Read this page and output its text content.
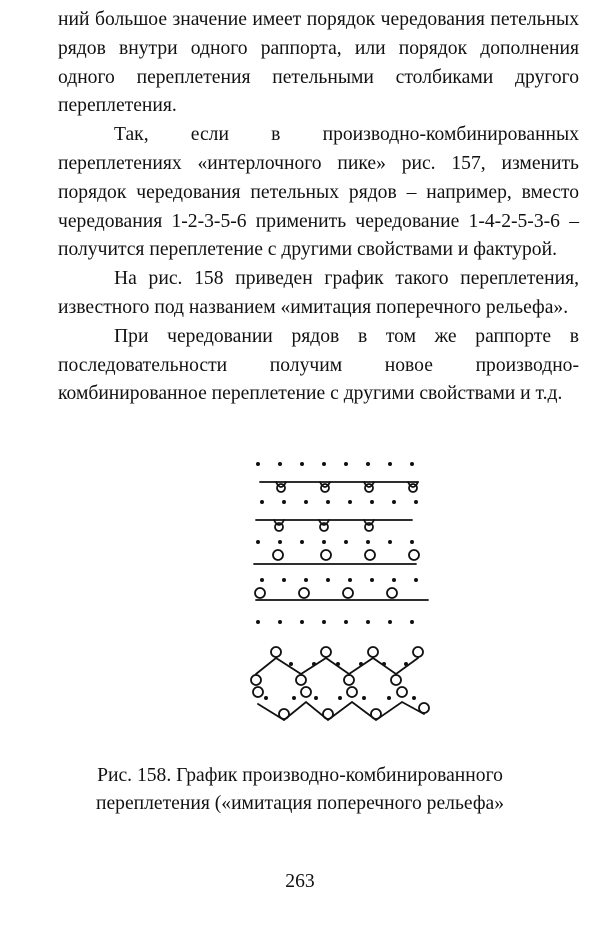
ний большое значение имеет порядок чередования петельных рядов внутри одного раппорта, или порядок дополнения одного переплетения петельными столбиками другого переплетения.

Так, если в производно-комбинированных переплетениях «интерлочного пике» рис. 157, изменить порядок чередования петельных рядов – например, вместо чередования 1-2-3-5-6 применить чередование 1-4-2-5-3-6 – получится переплетение с другими свойствами и фактурой.

На рис. 158 приведен график такого переплетения, известного под названием «имитация поперечного рельефа».

При чередовании рядов в том же раппорте в последовательности получим новое производно-комбинированное переплетение с другими свойствами и т.д.

Рис. 158. График производно-комбинированного

переплетения («имитация поперечного рельефа»

263
